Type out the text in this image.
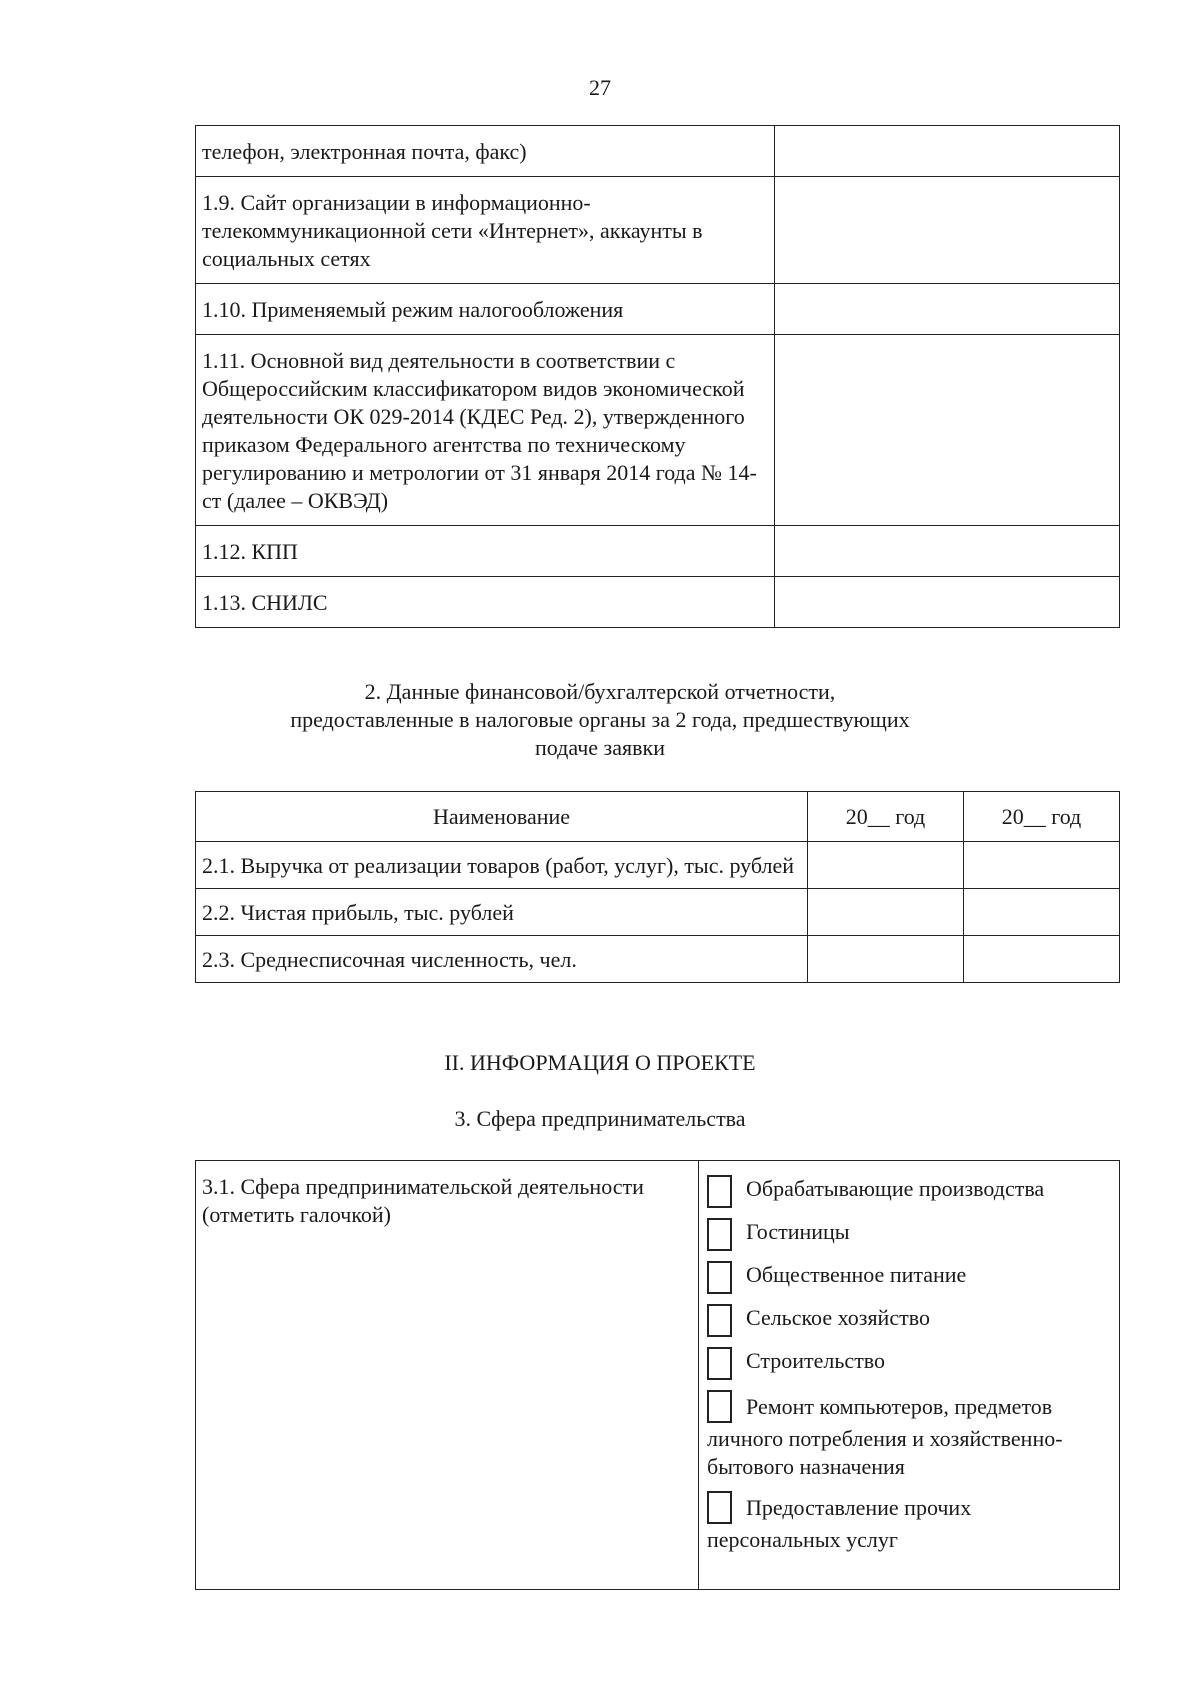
27
телефон, электронная почта, факс)	
1.9. Сайт организации в информационно-телекоммуникационной сети «Интернет», аккаунты в социальных сетях	
1.10. Применяемый режим налогообложения	
1.11. Основной вид деятельности в соответствии с Общероссийским классификатором видов экономической деятельности ОК 029-2014 (КДЕС Ред. 2), утвержденного приказом Федерального агентства по техническому регулированию и метрологии от 31 января 2014 года № 14-ст (далее – ОКВЭД)	
1.12. КПП	
1.13. СНИЛС	
2. Данные финансовой/бухгалтерской отчетности,
предоставленные в налоговые органы за 2 года, предшествующих
подаче заявки
Наименование	20__ год	20__ год
2.1. Выручка от реализации товаров (работ, услуг), тыс. рублей		
2.2. Чистая прибыль, тыс. рублей		
2.3. Среднесписочная численность, чел.		
II. ИНФОРМАЦИЯ О ПРОЕКТЕ
3. Сфера предпринимательства
3.1. Сфера предпринимательской деятельности (отметить галочкой)	
Обрабатывающие производства
Гостиницы
Общественное питание
Сельское хозяйство
Строительство
Ремонт компьютеров, предметов
личного потребления и хозяйственно-бытового назначения
Предоставление прочих
персональных услуг
